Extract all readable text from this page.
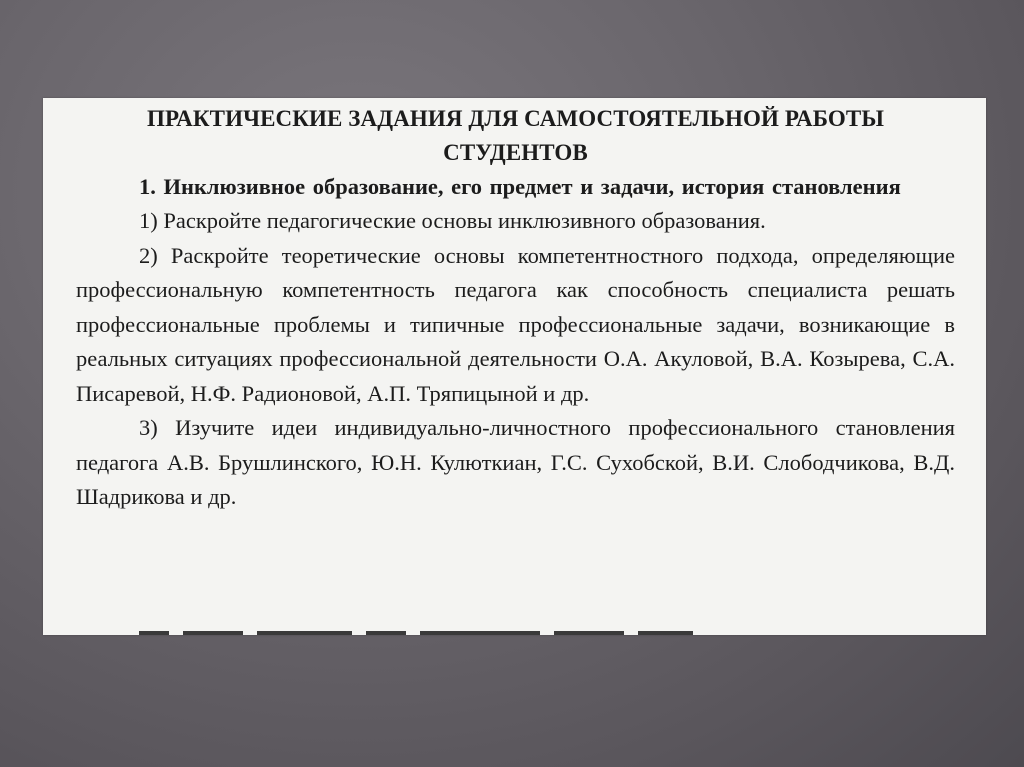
ПРАКТИЧЕСКИЕ ЗАДАНИЯ ДЛЯ САМОСТОЯТЕЛЬНОЙ РАБОТЫ СТУДЕНТОВ
1. Инклюзивное образование, его предмет и задачи, история становления
1) Раскройте педагогические основы инклюзивного образования.
2) Раскройте теоретические основы компетентностного подхода, определяющие профессиональную компетентность педагога как способность специалиста решать профессиональные проблемы и типичные профессиональные задачи, возникающие в реальных ситуациях профессиональной деятельности О.А. Акуловой, В.А. Козырева, С.А. Писаревой, Н.Ф. Радионовой, А.П. Тряпицыной и др.
3) Изучите идеи индивидуально-личностного профессионального становления педагога А.В. Брушлинского, Ю.Н. Кулюткиан, Г.С. Сухобской, В.И. Слободчикова, В.Д. Шадрикова и др.
